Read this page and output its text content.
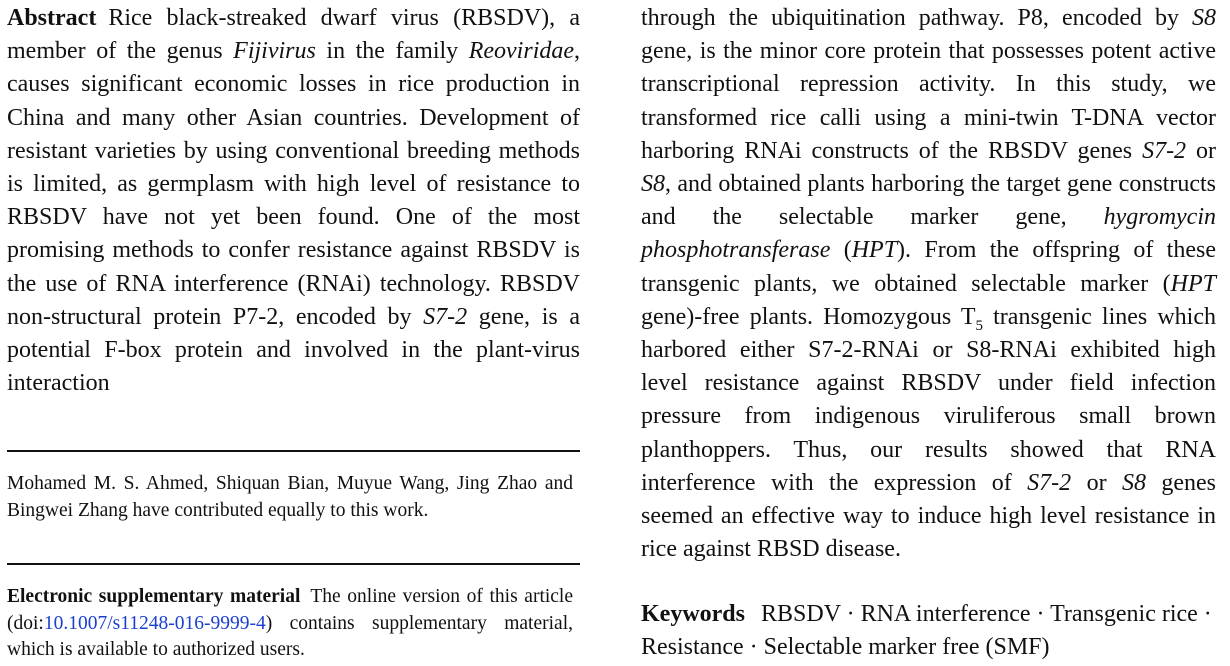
Abstract Rice black-streaked dwarf virus (RBSDV), a member of the genus Fijivirus in the family Reoviridae, causes significant economic losses in rice production in China and many other Asian countries. Development of resistant varieties by using conventional breeding methods is limited, as germplasm with high level of resistance to RBSDV have not yet been found. One of the most promising methods to confer resistance against RBSDV is the use of RNA interference (RNAi) technology. RBSDV non-structural protein P7-2, encoded by S7-2 gene, is a potential F-box protein and involved in the plant-virus interaction

Mohamed M. S. Ahmed, Shiquan Bian, Muyue Wang, Jing Zhao and Bingwei Zhang have contributed equally to this work.

Electronic supplementary material The online version of this article (doi:10.1007/s11248-016-9999-4) contains supplementary material, which is available to authorized users.

through the ubiquitination pathway. P8, encoded by S8 gene, is the minor core protein that possesses potent active transcriptional repression activity. In this study, we transformed rice calli using a mini-twin T-DNA vector harboring RNAi constructs of the RBSDV genes S7-2 or S8, and obtained plants harboring the target gene constructs and the selectable marker gene, hygromycin phosphotransferase (HPT). From the offspring of these transgenic plants, we obtained selectable marker (HPT gene)-free plants. Homozygous $T_5$ transgenic lines which harbored either S7-2-RNAi or S8-RNAi exhibited high level resistance against RBSDV under field infection pressure from indigenous viruliferous small brown planthoppers. Thus, our results showed that RNA interference with the expression of S7-2 or S8 genes seemed an effective way to induce high level resistance in rice against RBSD disease.

Keywords RBSDV · RNA interference · Transgenic rice · Resistance · Selectable marker free (SMF)
